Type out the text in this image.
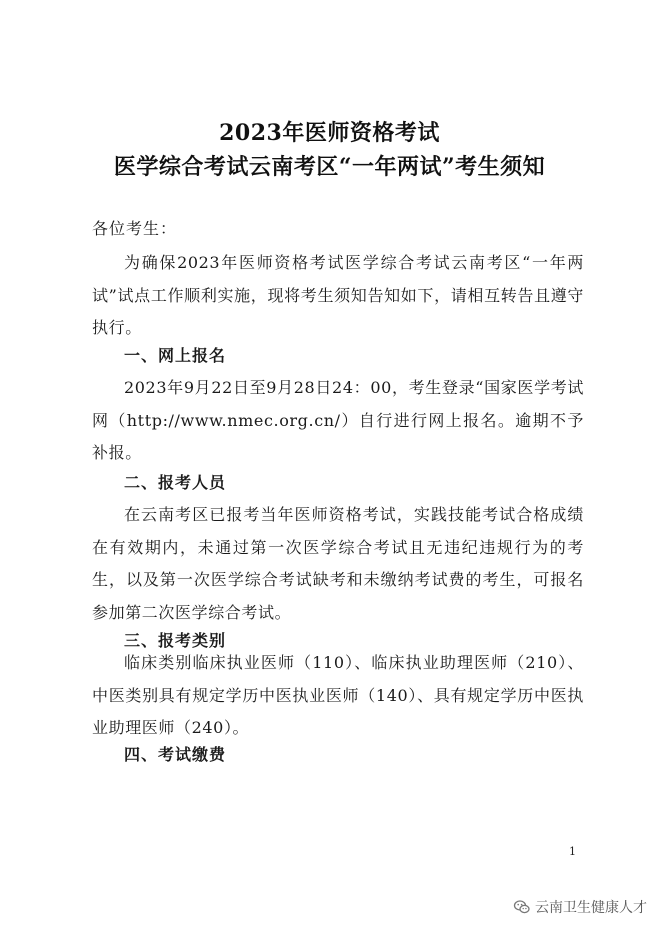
2023年医师资格考试
医学综合考试云南考区“一年两试”考生须知
各位考生：

为确保2023年医师资格考试医学综合考试云南考区“一年两试”试点工作顺利实施，现将考生须知告知如下，请相互转告且遵守执行。

一、网上报名

2023年9月22日至9月28日24：00，考生登录“国家医学考试网（http://www.nmec.org.cn/）自行进行网上报名。逾期不予补报。

二、报考人员

在云南考区已报考当年医师资格考试，实践技能考试合格成绩在有效期内，未通过第一次医学综合考试且无违纪违规行为的考生，以及第一次医学综合考试缺考和未缴纳考试费的考生，可报名参加第二次医学综合考试。

三、报考类别

临床类别临床执业医师（110）、临床执业助理医师（210）、中医类别具有规定学历中医执业医师（140）、具有规定学历中医执业助理医师（240）。

四、考试缴费

1
云南卫生健康人才
